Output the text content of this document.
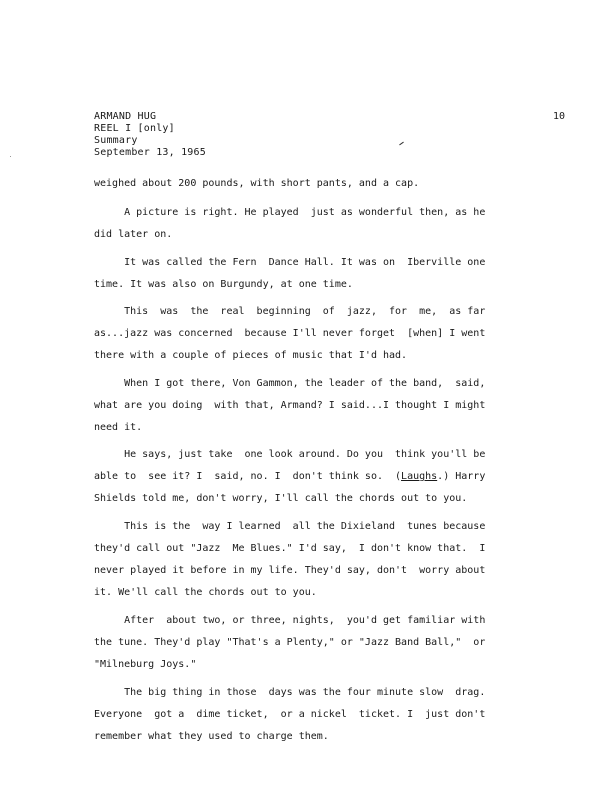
ARMAND HUG
REEL I [only]
Summary
September 13, 1965
10
weighed about 200 pounds, with short pants, and a cap.
A picture is right. He played  just as wonderful then, as he
did later on.
It was called the Fern  Dance Hall. It was on  Iberville one
time. It was also on Burgundy, at one time.
This  was  the  real  beginning  of  jazz,  for  me,  as far
as...jazz was concerned  because I'll never forget  [when] I went
there with a couple of pieces of music that I'd had.
When I got there, Von Gammon, the leader of the band,  said,
what are you doing  with that, Armand? I said...I thought I might
need it.
He says, just take  one look around. Do you  think you'll be
able to  see it? I  said, no. I  don't think so.  (Laughs.) Harry
Shields told me, don't worry, I'll call the chords out to you.
This is the  way I learned  all the Dixieland  tunes because
they'd call out "Jazz  Me Blues." I'd say,  I don't know that.  I
never played it before in my life. They'd say, don't  worry about
it. We'll call the chords out to you.
After  about two, or three, nights,  you'd get familiar with
the tune. They'd play "That's a Plenty," or "Jazz Band Ball,"  or
"Milneburg Joys."
The big thing in those  days was the four minute slow  drag.
Everyone  got a  dime ticket,  or a nickel  ticket. I  just don't
remember what they used to charge them.
